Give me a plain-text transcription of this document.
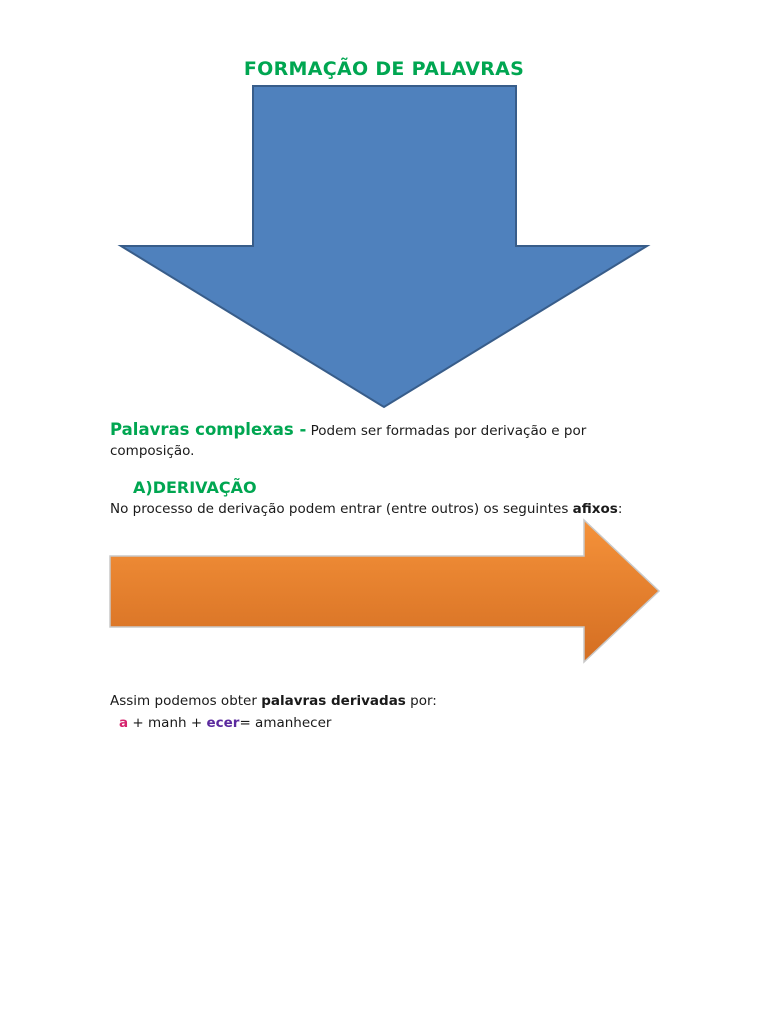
FORMAÇÃO DE PALAVRAS

Palavras complexas - Podem ser formadas por derivação e por composição.

A)DERIVAÇÃO

No processo de derivação podem entrar (entre outros) os seguintes afixos:

Assim podemos obter palavras derivadas por:

a + manh + ecer= amanhecer
